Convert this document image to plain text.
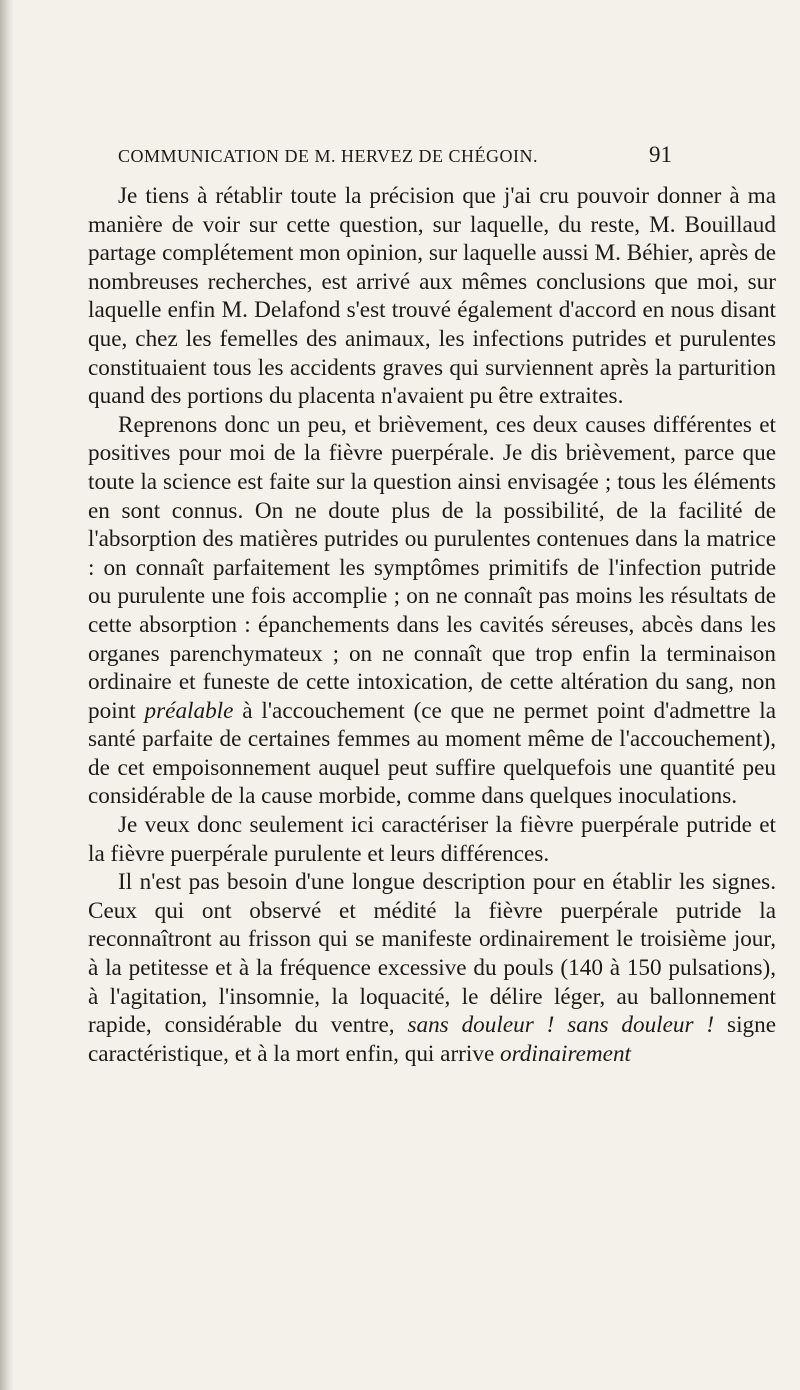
COMMUNICATION DE M. HERVEZ DE CHÉGOIN.	91

Je tiens à rétablir toute la précision que j'ai cru pouvoir donner à ma manière de voir sur cette question, sur laquelle, du reste, M. Bouillaud partage complétement mon opinion, sur laquelle aussi M. Béhier, après de nombreuses recherches, est arrivé aux mêmes conclusions que moi, sur laquelle enfin M. Delafond s'est trouvé également d'accord en nous disant que, chez les femelles des animaux, les infections putrides et purulentes constituaient tous les accidents graves qui surviennent après la parturition quand des portions du placenta n'avaient pu être extraites.

Reprenons donc un peu, et brièvement, ces deux causes différentes et positives pour moi de la fièvre puerpérale. Je dis brièvement, parce que toute la science est faite sur la question ainsi envisagée ; tous les éléments en sont connus. On ne doute plus de la possibilité, de la facilité de l'absorption des matières putrides ou purulentes contenues dans la matrice : on connaît parfaitement les symptômes primitifs de l'infection putride ou purulente une fois accomplie ; on ne connaît pas moins les résultats de cette absorption : épanchements dans les cavités séreuses, abcès dans les organes parenchymateux ; on ne connaît que trop enfin la terminaison ordinaire et funeste de cette intoxication, de cette altération du sang, non point préalable à l'accouchement (ce que ne permet point d'admettre la santé parfaite de certaines femmes au moment même de l'accouchement), de cet empoisonnement auquel peut suffire quelquefois une quantité peu considérable de la cause morbide, comme dans quelques inoculations.

Je veux donc seulement ici caractériser la fièvre puerpérale putride et la fièvre puerpérale purulente et leurs différences.

Il n'est pas besoin d'une longue description pour en établir les signes. Ceux qui ont observé et médité la fièvre puerpérale putride la reconnaîtront au frisson qui se manifeste ordinairement le troisième jour, à la petitesse et à la fréquence excessive du pouls (140 à 150 pulsations), à l'agitation, l'insomnie, la loquacité, le délire léger, au ballonnement rapide, considérable du ventre, sans douleur ! sans douleur ! signe caractéristique, et à la mort enfin, qui arrive ordinairement
